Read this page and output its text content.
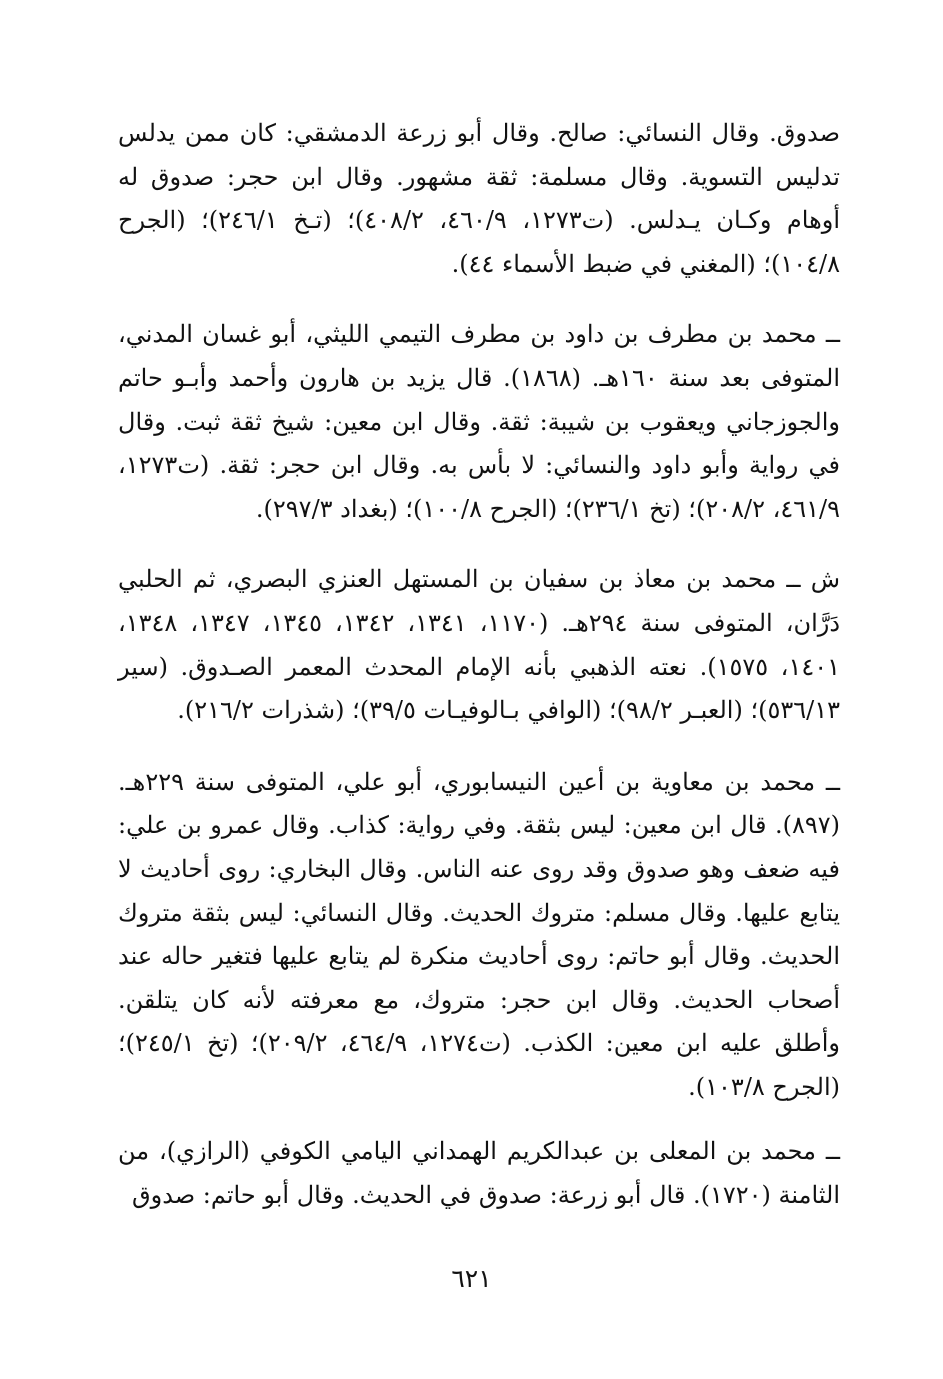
صدوق. وقال النسائي: صالح. وقال أبو زرعة الدمشقي: كان ممن يدلس تدليس التسوية. وقال مسلمة: ثقة مشهور. وقال ابن حجر: صدوق له أوهام وكـان يـدلس. (ت١٢٧٣، ٤٦٠/٩، ٤٠٨/٢)؛ (تـخ ٢٤٦/١)؛ (الجرح ١٠٤/٨)؛ (المغني في ضبط الأسماء ٤٤).

ــ محمد بن مطرف بن داود بن مطرف التيمي الليثي، أبو غسان المدني، المتوفى بعد سنة ١٦٠هـ. (١٨٦٨). قال يزيد بن هارون وأحمد وأبـو حاتم والجوزجاني ويعقوب بن شيبة: ثقة. وقال ابن معين: شيخ ثقة ثبت. وقال في رواية وأبو داود والنسائي: لا بأس به. وقال ابن حجر: ثقة. (ت١٢٧٣، ٤٦١/٩، ٢٠٨/٢)؛ (تخ ٢٣٦/١)؛ (الجرح ١٠٠/٨)؛ (بغداد ٢٩٧/٣).

ش ــ محمد بن معاذ بن سفيان بن المستهل العنزي البصري، ثم الحلبي دَرَّان، المتوفى سنة ٢٩٤هـ. (١١٧٠، ١٣٤١، ١٣٤٢، ١٣٤٥، ١٣٤٧، ١٣٤٨، ١٤٠١، ١٥٧٥). نعته الذهبي بأنه الإمام المحدث المعمر الصـدوق. (سير ٥٣٦/١٣)؛ (العبـر ٩٨/٢)؛ (الوافي بـالوفيـات ٣٩/٥)؛ (شذرات ٢١٦/٢).

ــ محمد بن معاوية بن أعين النيسابوري، أبو علي، المتوفى سنة ٢٢٩هـ. (٨٩٧). قال ابن معين: ليس بثقة. وفي رواية: كذاب. وقال عمرو بن علي: فيه ضعف وهو صدوق وقد روى عنه الناس. وقال البخاري: روى أحاديث لا يتابع عليها. وقال مسلم: متروك الحديث. وقال النسائي: ليس بثقة متروك الحديث. وقال أبو حاتم: روى أحاديث منكرة لم يتابع عليها فتغير حاله عند أصحاب الحديث. وقال ابن حجر: متروك، مع معرفته لأنه كان يتلقن. وأطلق عليه ابن معين: الكذب. (ت١٢٧٤، ٤٦٤/٩، ٢٠٩/٢)؛ (تخ ٢٤٥/١)؛ (الجرح ١٠٣/٨).

ــ محمد بن المعلى بن عبدالكريم الهمداني اليامي الكوفي (الرازي)، من الثامنة (١٧٢٠). قال أبو زرعة: صدوق في الحديث. وقال أبو حاتم: صدوق

٦٢١
